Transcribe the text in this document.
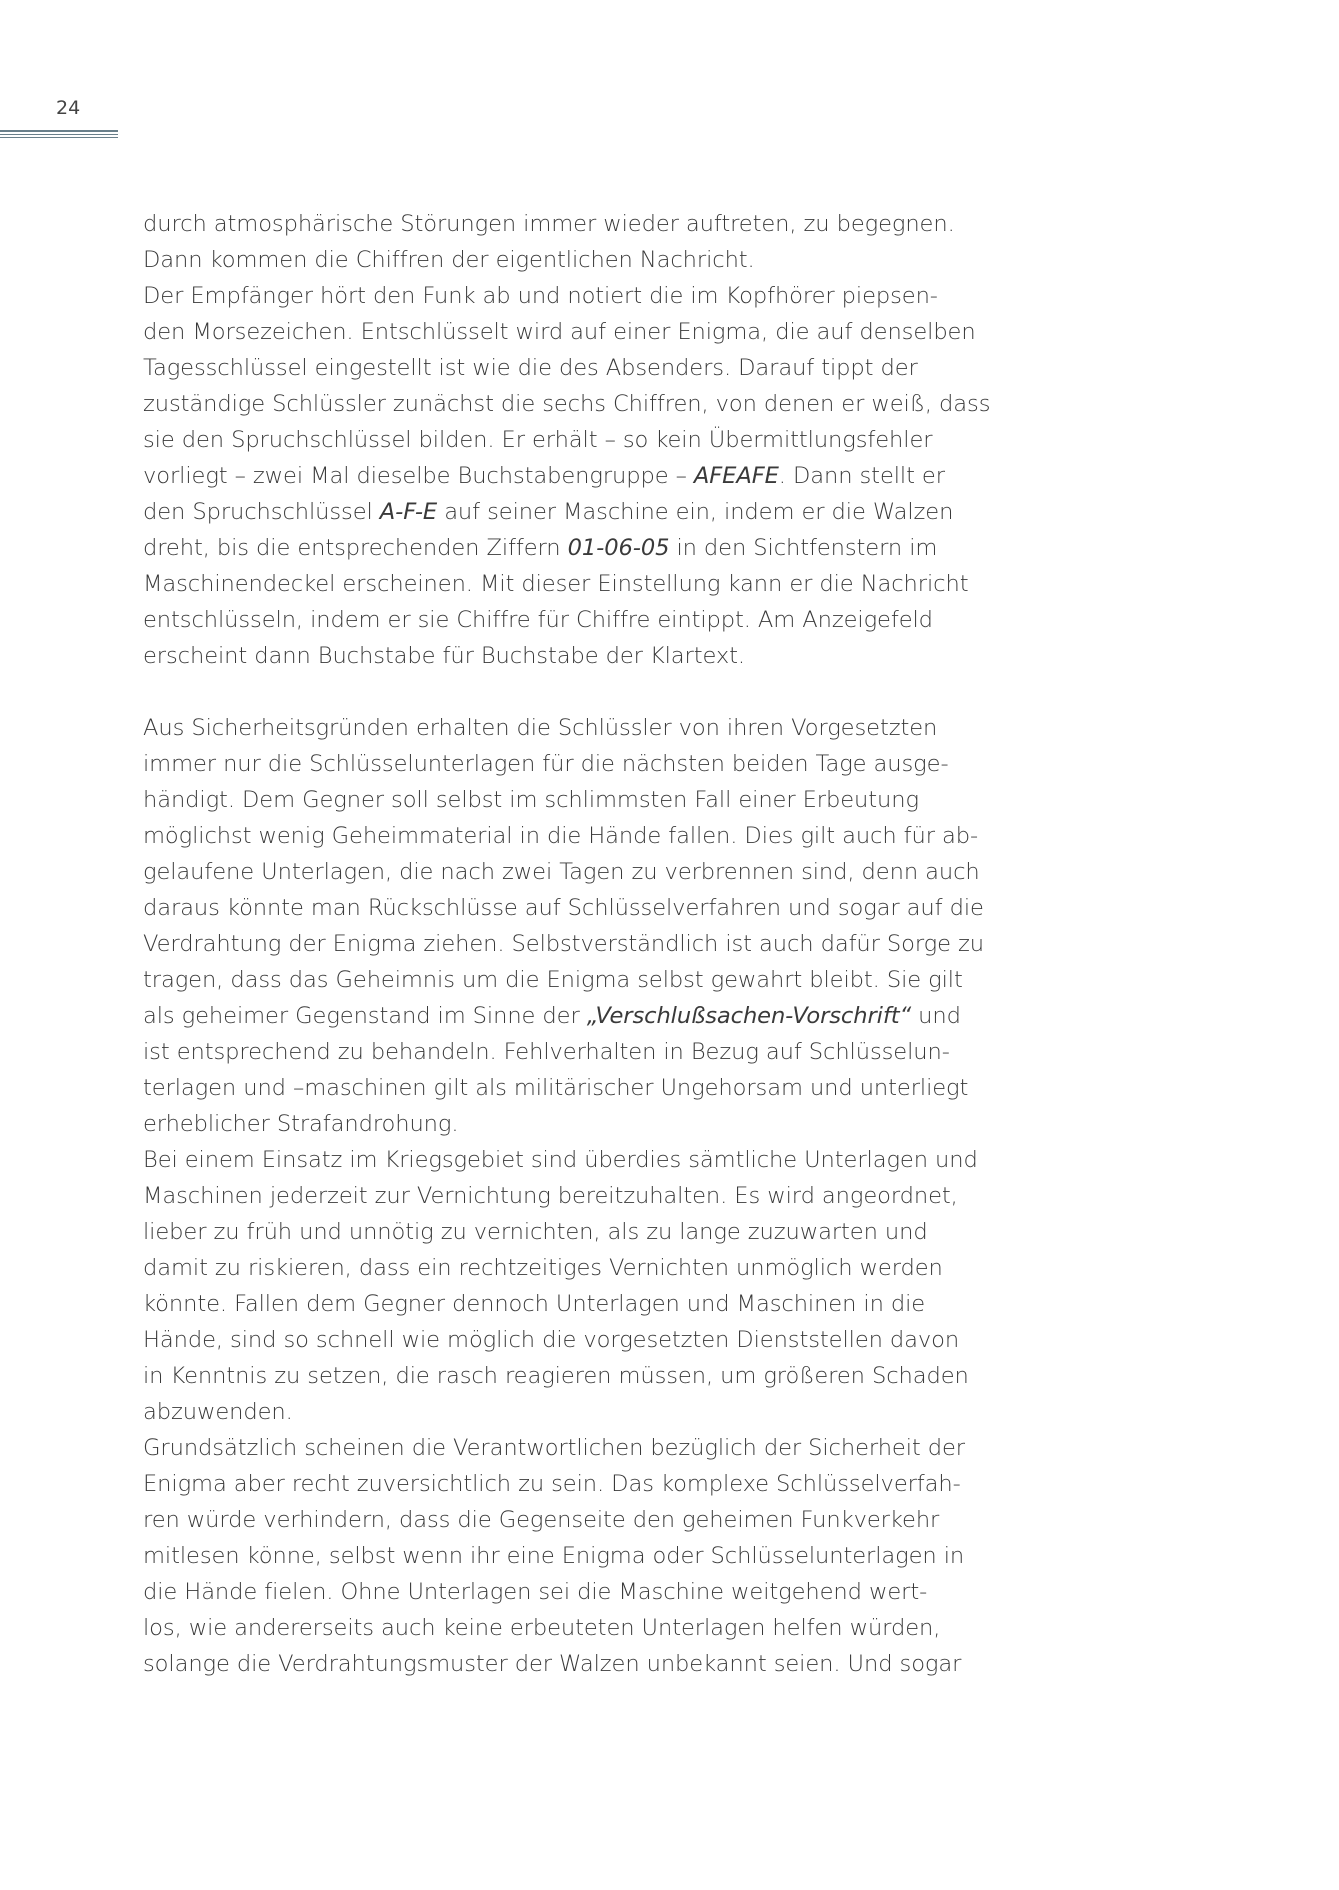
24
durch atmosphärische Störungen immer wieder auftreten, zu begegnen.
Dann kommen die Chiffren der eigentlichen Nachricht.
Der Empfänger hört den Funk ab und notiert die im Kopfhörer piepsen-
den Morsezeichen. Entschlüsselt wird auf einer Enigma, die auf denselben
Tagesschlüssel eingestellt ist wie die des Absenders. Darauf tippt der
zuständige Schlüssler zunächst die sechs Chiffren, von denen er weiß, dass
sie den Spruchschlüssel bilden. Er erhält – so kein Übermittlungsfehler
vorliegt – zwei Mal dieselbe Buchstabengruppe – AFEAFE. Dann stellt er
den Spruchschlüssel A-F-E auf seiner Maschine ein, indem er die Walzen
dreht, bis die entsprechenden Ziffern 01-06-05 in den Sichtfenstern im
Maschinendeckel erscheinen. Mit dieser Einstellung kann er die Nachricht
entschlüsseln, indem er sie Chiffre für Chiffre eintippt. Am Anzeigefeld
erscheint dann Buchstabe für Buchstabe der Klartext.
Aus Sicherheitsgründen erhalten die Schlüssler von ihren Vorgesetzten
immer nur die Schlüsselunterlagen für die nächsten beiden Tage ausge-
händigt. Dem Gegner soll selbst im schlimmsten Fall einer Erbeutung
möglichst wenig Geheimmaterial in die Hände fallen. Dies gilt auch für ab-
gelaufene Unterlagen, die nach zwei Tagen zu verbrennen sind, denn auch
daraus könnte man Rückschlüsse auf Schlüsselverfahren und sogar auf die
Verdrahtung der Enigma ziehen. Selbstverständlich ist auch dafür Sorge zu
tragen, dass das Geheimnis um die Enigma selbst gewahrt bleibt. Sie gilt
als geheimer Gegenstand im Sinne der „Verschlußsachen-Vorschrift“ und
ist entsprechend zu behandeln. Fehlverhalten in Bezug auf Schlüsselun-
terlagen und –maschinen gilt als militärischer Ungehorsam und unterliegt
erheblicher Strafandrohung.
Bei einem Einsatz im Kriegsgebiet sind überdies sämtliche Unterlagen und
Maschinen jederzeit zur Vernichtung bereitzuhalten. Es wird angeordnet,
lieber zu früh und unnötig zu vernichten, als zu lange zuzuwarten und
damit zu riskieren, dass ein rechtzeitiges Vernichten unmöglich werden
könnte. Fallen dem Gegner dennoch Unterlagen und Maschinen in die
Hände, sind so schnell wie möglich die vorgesetzten Dienststellen davon
in Kenntnis zu setzen, die rasch reagieren müssen, um größeren Schaden
abzuwenden.
Grundsätzlich scheinen die Verantwortlichen bezüglich der Sicherheit der
Enigma aber recht zuversichtlich zu sein. Das komplexe Schlüsselverfah-
ren würde verhindern, dass die Gegenseite den geheimen Funkverkehr
mitlesen könne, selbst wenn ihr eine Enigma oder Schlüsselunterlagen in
die Hände fielen. Ohne Unterlagen sei die Maschine weitgehend wert-
los, wie andererseits auch keine erbeuteten Unterlagen helfen würden,
solange die Verdrahtungsmuster der Walzen unbekannt seien. Und sogar
